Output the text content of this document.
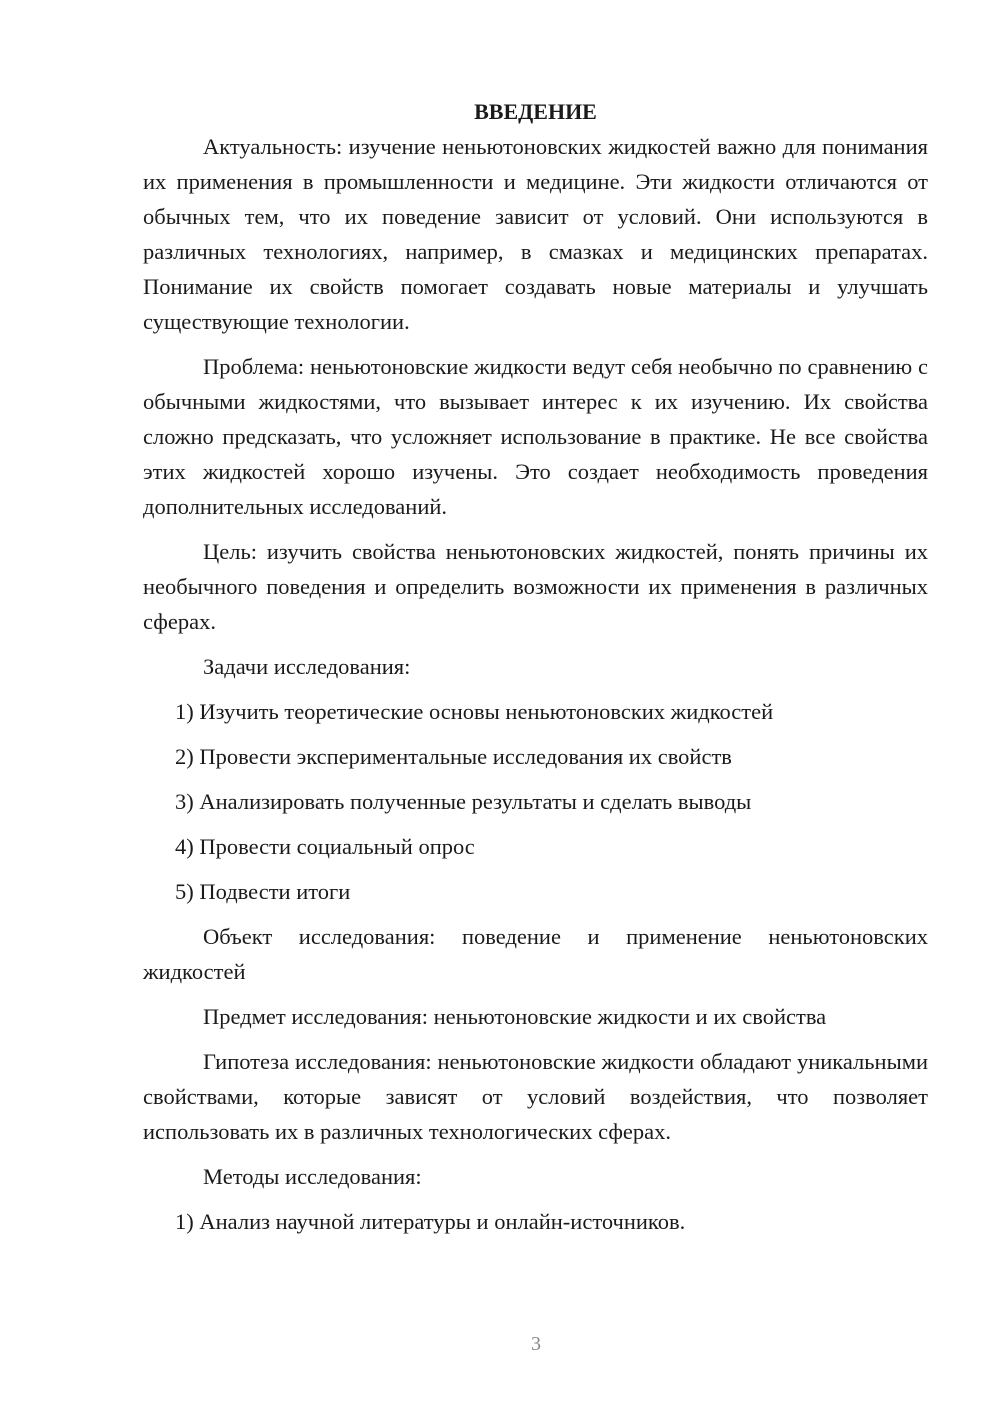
ВВЕДЕНИЕ

Актуальность: изучение неньютоновских жидкостей важно для понимания их применения в промышленности и медицине. Эти жидкости отличаются от обычных тем, что их поведение зависит от условий. Они используются в различных технологиях, например, в смазках и медицинских препаратах. Понимание их свойств помогает создавать новые материалы и улучшать существующие технологии.

Проблема: неньютоновские жидкости ведут себя необычно по сравнению с обычными жидкостями, что вызывает интерес к их изучению. Их свойства сложно предсказать, что усложняет использование в практике. Не все свойства этих жидкостей хорошо изучены. Это создает необходимость проведения дополнительных исследований.

Цель: изучить свойства неньютоновских жидкостей, понять причины их необычного поведения и определить возможности их применения в различных сферах.

Задачи исследования:

1) Изучить теоретические основы неньютоновских жидкостей

2) Провести экспериментальные исследования их свойств

3) Анализировать полученные результаты и сделать выводы

4) Провести социальный опрос

5) Подвести итоги

Объект исследования: поведение и применение неньютоновских жидкостей

Предмет исследования: неньютоновские жидкости и их свойства

Гипотеза исследования: неньютоновские жидкости обладают уникальными свойствами, которые зависят от условий воздействия, что позволяет использовать их в различных технологических сферах.

Методы исследования:

1) Анализ научной литературы и онлайн-источников.

3
